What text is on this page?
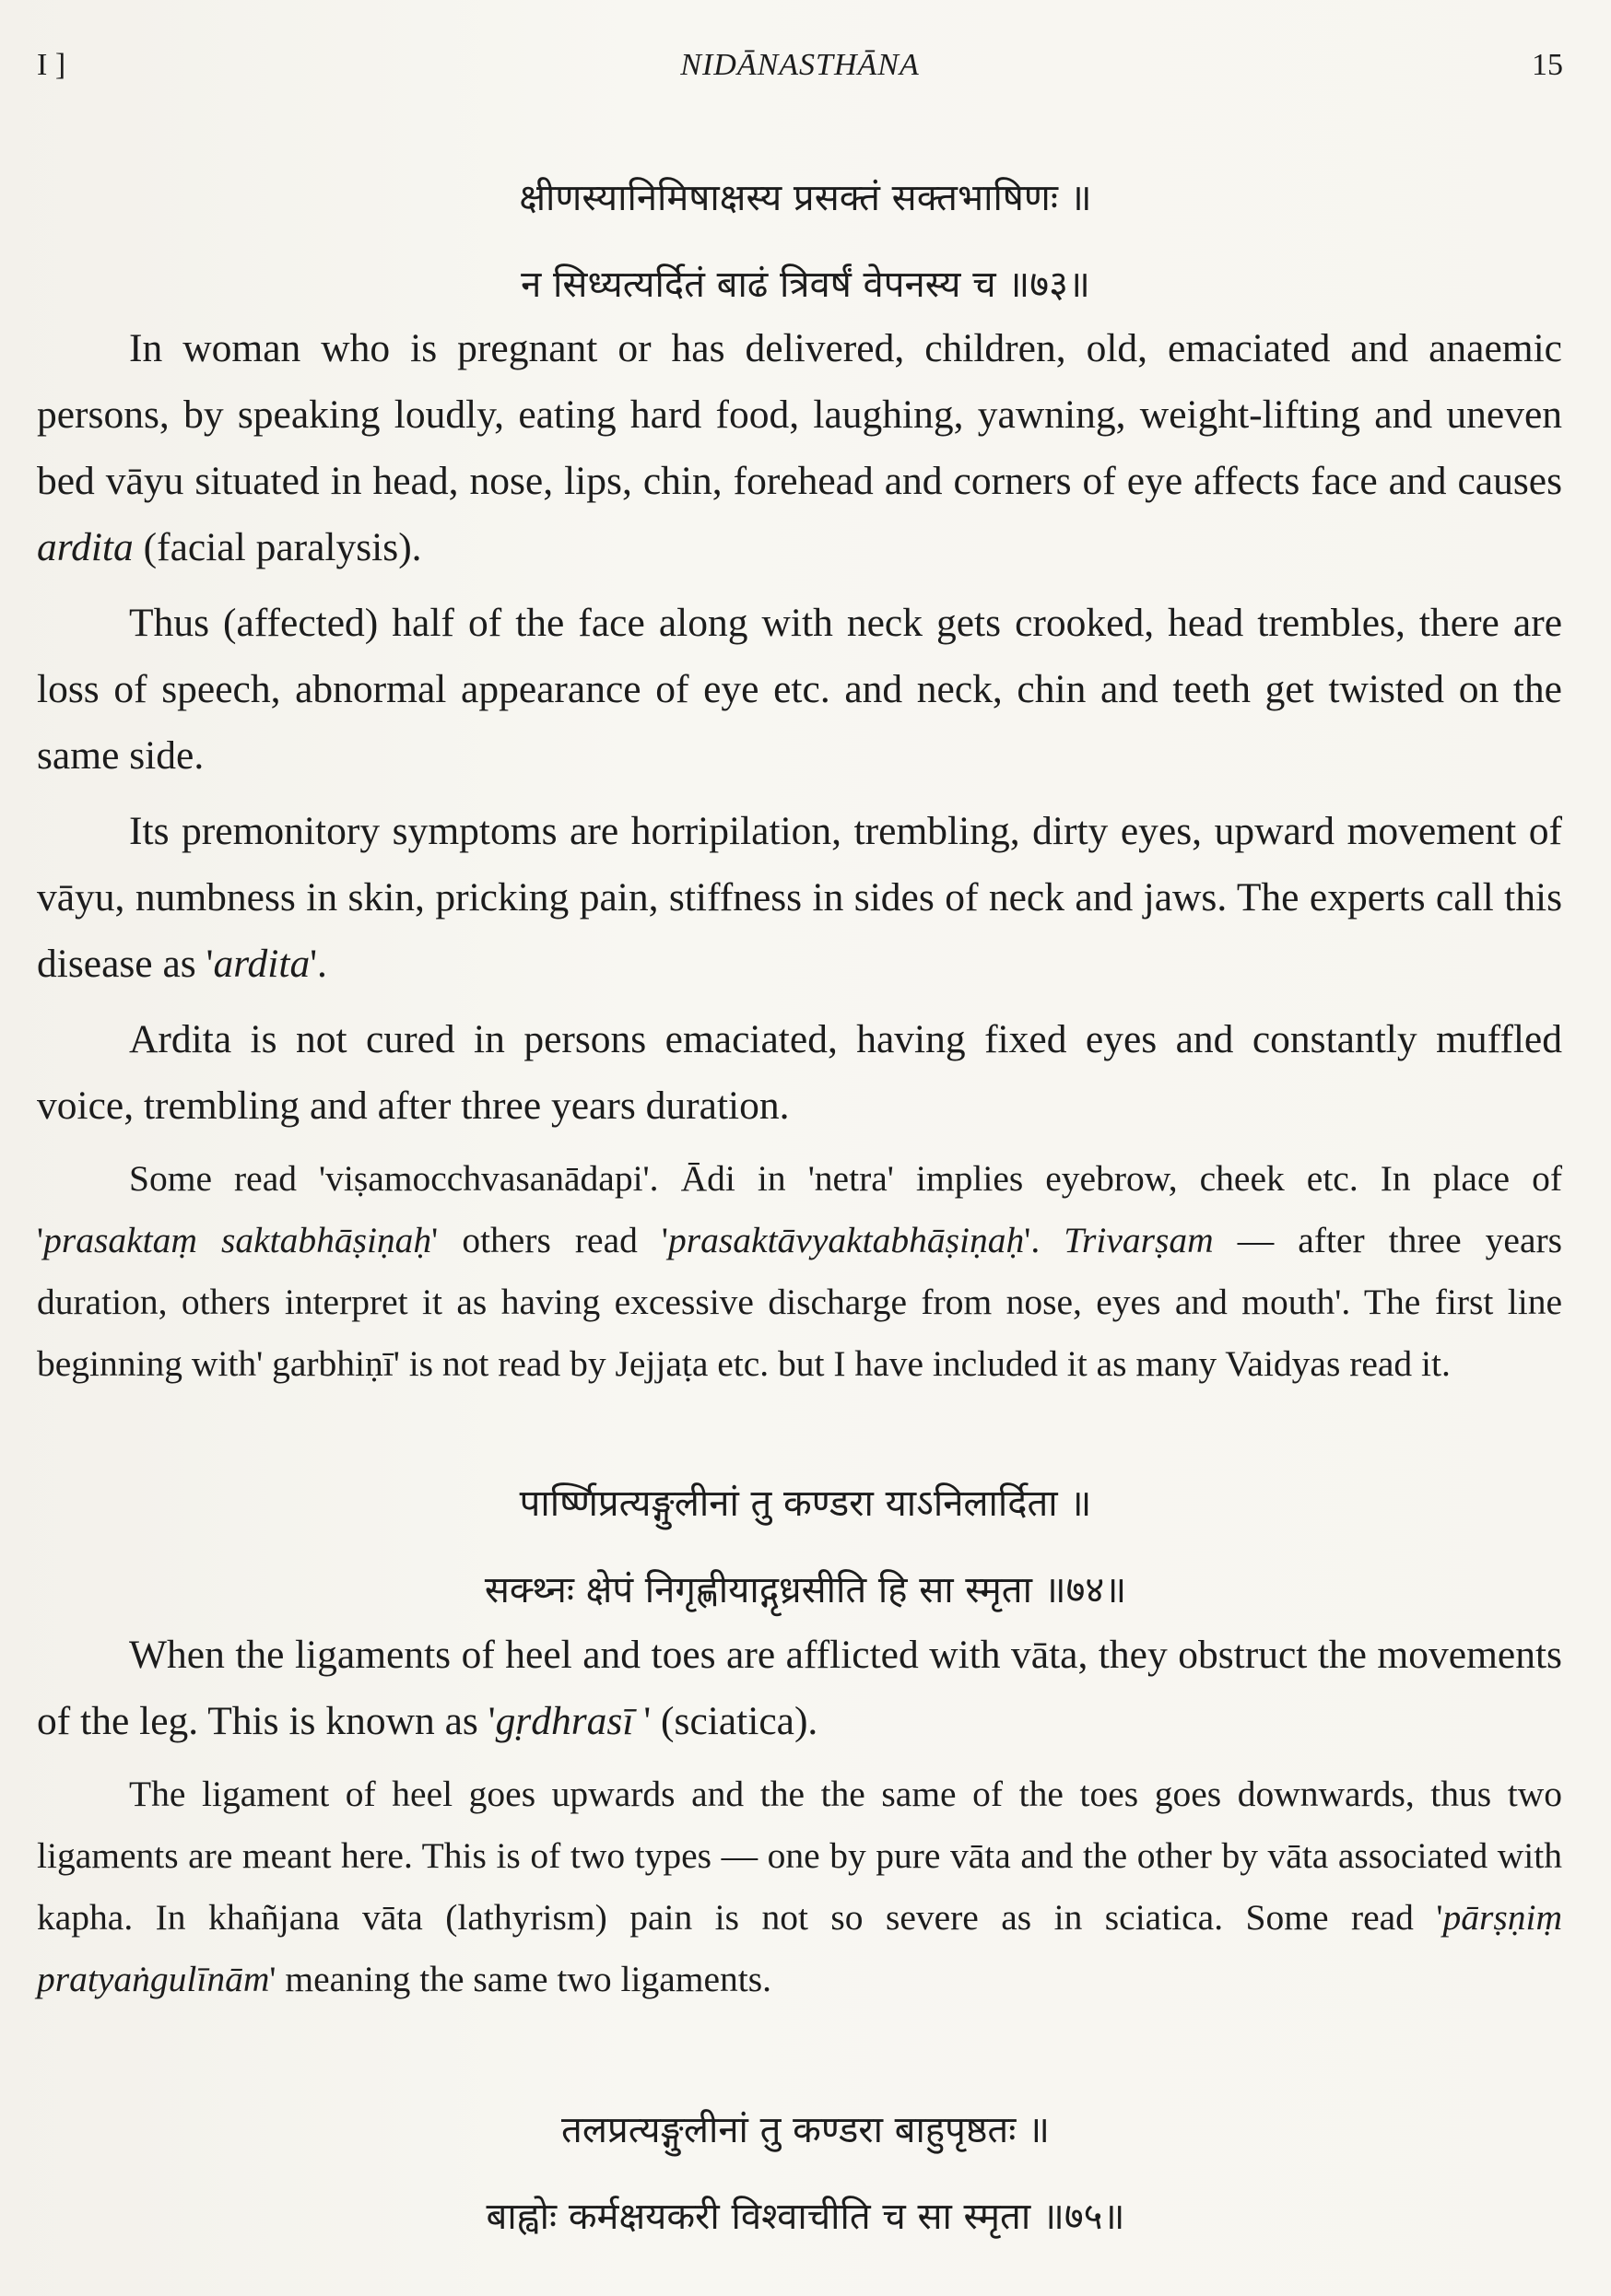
I ]	NIDĀNASTHĀNA	15
क्षीणस्यानिमिषाक्षस्य प्रसक्तं सक्तभाषिणः ॥
न सिध्यत्यर्दितं बाढं त्रिवर्षं वेपनस्य च ॥७३॥

In woman who is pregnant or has delivered, children, old, emaciated and anaemic persons, by speaking loudly, eating hard food, laughing, yawning, weight-lifting and uneven bed vāyu situated in head, nose, lips, chin, forehead and corners of eye affects face and causes ardita (facial paralysis).

Thus (affected) half of the face along with neck gets crooked, head trembles, there are loss of speech, abnormal appearance of eye etc. and neck, chin and teeth get twisted on the same side.

Its premonitory symptoms are horripilation, trembling, dirty eyes, upward movement of vāyu, numbness in skin, pricking pain, stiffness in sides of neck and jaws. The experts call this disease as 'ardita'.

Ardita is not cured in persons emaciated, having fixed eyes and constantly muffled voice, trembling and after three years duration.

Some read 'viṣamocchvasanādapi'. Ādi in 'netra' implies eyebrow, cheek etc. In place of 'prasaktaṃ saktabhāṣiṇaḥ' others read 'prasaktāvyaktabhāṣiṇaḥ'. Trivarṣam — after three years duration, others interpret it as having excessive discharge from nose, eyes and mouth'. The first line beginning with' garbhiṇī' is not read by Jejjaṭa etc. but I have included it as many Vaidyas read it.

पार्ष्णिप्रत्यङ्गुलीनां तु कण्डरा याऽनिलार्दिता ॥
सक्थ्नः क्षेपं निगृह्णीयाद्गृध्रसीति हि सा स्मृता ॥७४॥

When the ligaments of heel and toes are afflicted with vāta, they obstruct the movements of the leg. This is known as 'gṛdhrasī ' (sciatica).

The ligament of heel goes upwards and the the same of the toes goes downwards, thus two ligaments are meant here. This is of two types — one by pure vāta and the other by vāta associated with kapha. In khañjana vāta (lathyrism) pain is not so severe as in sciatica. Some read 'pārṣṇiṃ pratyaṅgulīnām' meaning the same two ligaments.

तलप्रत्यङ्गुलीनां तु कण्डरा बाहुपृष्ठतः ॥
बाह्वोः कर्मक्षयकरी विश्वाचीति च सा स्मृता ॥७५॥
